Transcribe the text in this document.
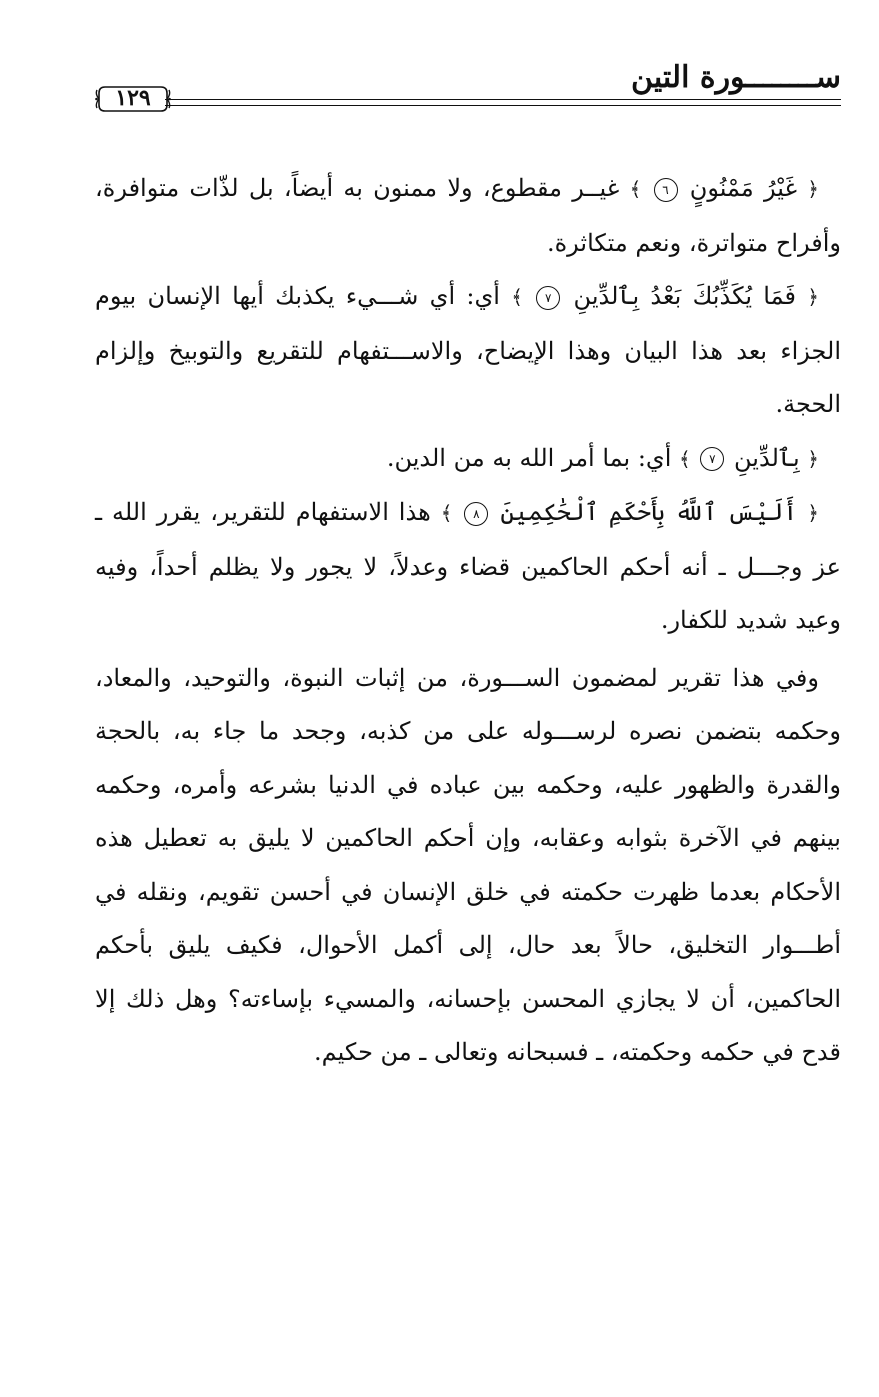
ســــــــورة التين
١٢٩

﴿ غَيْرُ مَمْنُونٍ ٦ ﴾ غيــر مقطوع، ولا ممنون به أيضاً، بل لذّات متوافرة، وأفراح متواترة، ونعم متكاثرة.

﴿ فَمَا يُكَذِّبُكَ بَعْدُ بِٱلدِّينِ ٧ ﴾ أي: أي شـــيء يكذبك أيها الإنسان بيوم الجزاء بعد هذا البيان وهذا الإيضاح، والاســـتفهام للتقريع والتوبيخ وإلزام الحجة.

﴿ بِٱلدِّينِ ٧ ﴾ أي: بما أمر الله به من الدين.

﴿ أَلَيْسَ ٱللَّهُ بِأَحْكَمِ ٱلْحَٰكِمِينَ ٨ ﴾ هذا الاستفهام للتقرير، يقرر الله ـ عز وجـــل ـ أنه أحكم الحاكمين قضاء وعدلاً، لا يجور ولا يظلم أحداً، وفيه وعيد شديد للكفار.

وفي هذا تقرير لمضمون الســـورة، من إثبات النبوة، والتوحيد، والمعاد، وحكمه بتضمن نصره لرســـوله على من كذبه، وجحد ما جاء به، بالحجة والقدرة والظهور عليه، وحكمه بين عباده في الدنيا بشرعه وأمره، وحكمه بينهم في الآخرة بثوابه وعقابه، وإن أحكم الحاكمين لا يليق به تعطيل هذه الأحكام بعدما ظهرت حكمته في خلق الإنسان في أحسن تقويم، ونقله في أطـــوار التخليق، حالاً بعد حال، إلى أكمل الأحوال، فكيف يليق بأحكم الحاكمين، أن لا يجازي المحسن بإحسانه، والمسيء بإساءته؟ وهل ذلك إلا قدح في حكمه وحكمته، ـ فسبحانه وتعالى ـ من حكيم.
